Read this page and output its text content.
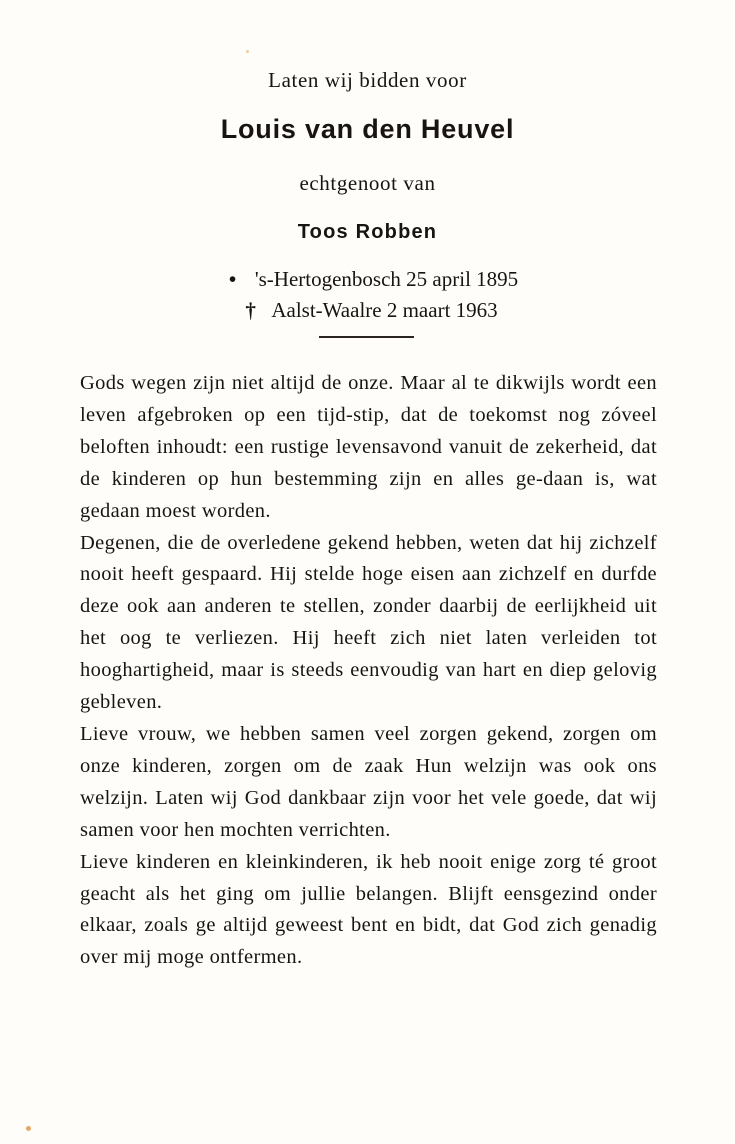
Laten wij bidden voor
Louis van den Heuvel
echtgenoot van
Toos Robben
• 's-Hertogenbosch 25 april 1895
† Aalst-Waalre 2 maart 1963

Gods wegen zijn niet altijd de onze. Maar al te dikwijls wordt een leven afgebroken op een tijd-stip, dat de toekomst nog zóveel beloften inhoudt: een rustige levensavond vanuit de zekerheid, dat de kinderen op hun bestemming zijn en alles ge-daan is, wat gedaan moest worden.

Degenen, die de overledene gekend hebben, weten dat hij zichzelf nooit heeft gespaard. Hij stelde hoge eisen aan zichzelf en durfde deze ook aan anderen te stellen, zonder daarbij de eerlijkheid uit het oog te verliezen. Hij heeft zich niet laten verleiden tot hooghartigheid, maar is steeds eenvoudig van hart en diep gelovig gebleven.

Lieve vrouw, we hebben samen veel zorgen gekend, zorgen om onze kinderen, zorgen om de zaak Hun welzijn was ook ons welzijn. Laten wij God dankbaar zijn voor het vele goede, dat wij samen voor hen mochten verrichten.

Lieve kinderen en kleinkinderen, ik heb nooit enige zorg té groot geacht als het ging om jullie belangen. Blijft eensgezind onder elkaar, zoals ge altijd geweest bent en bidt, dat God zich genadig over mij moge ontfermen.
